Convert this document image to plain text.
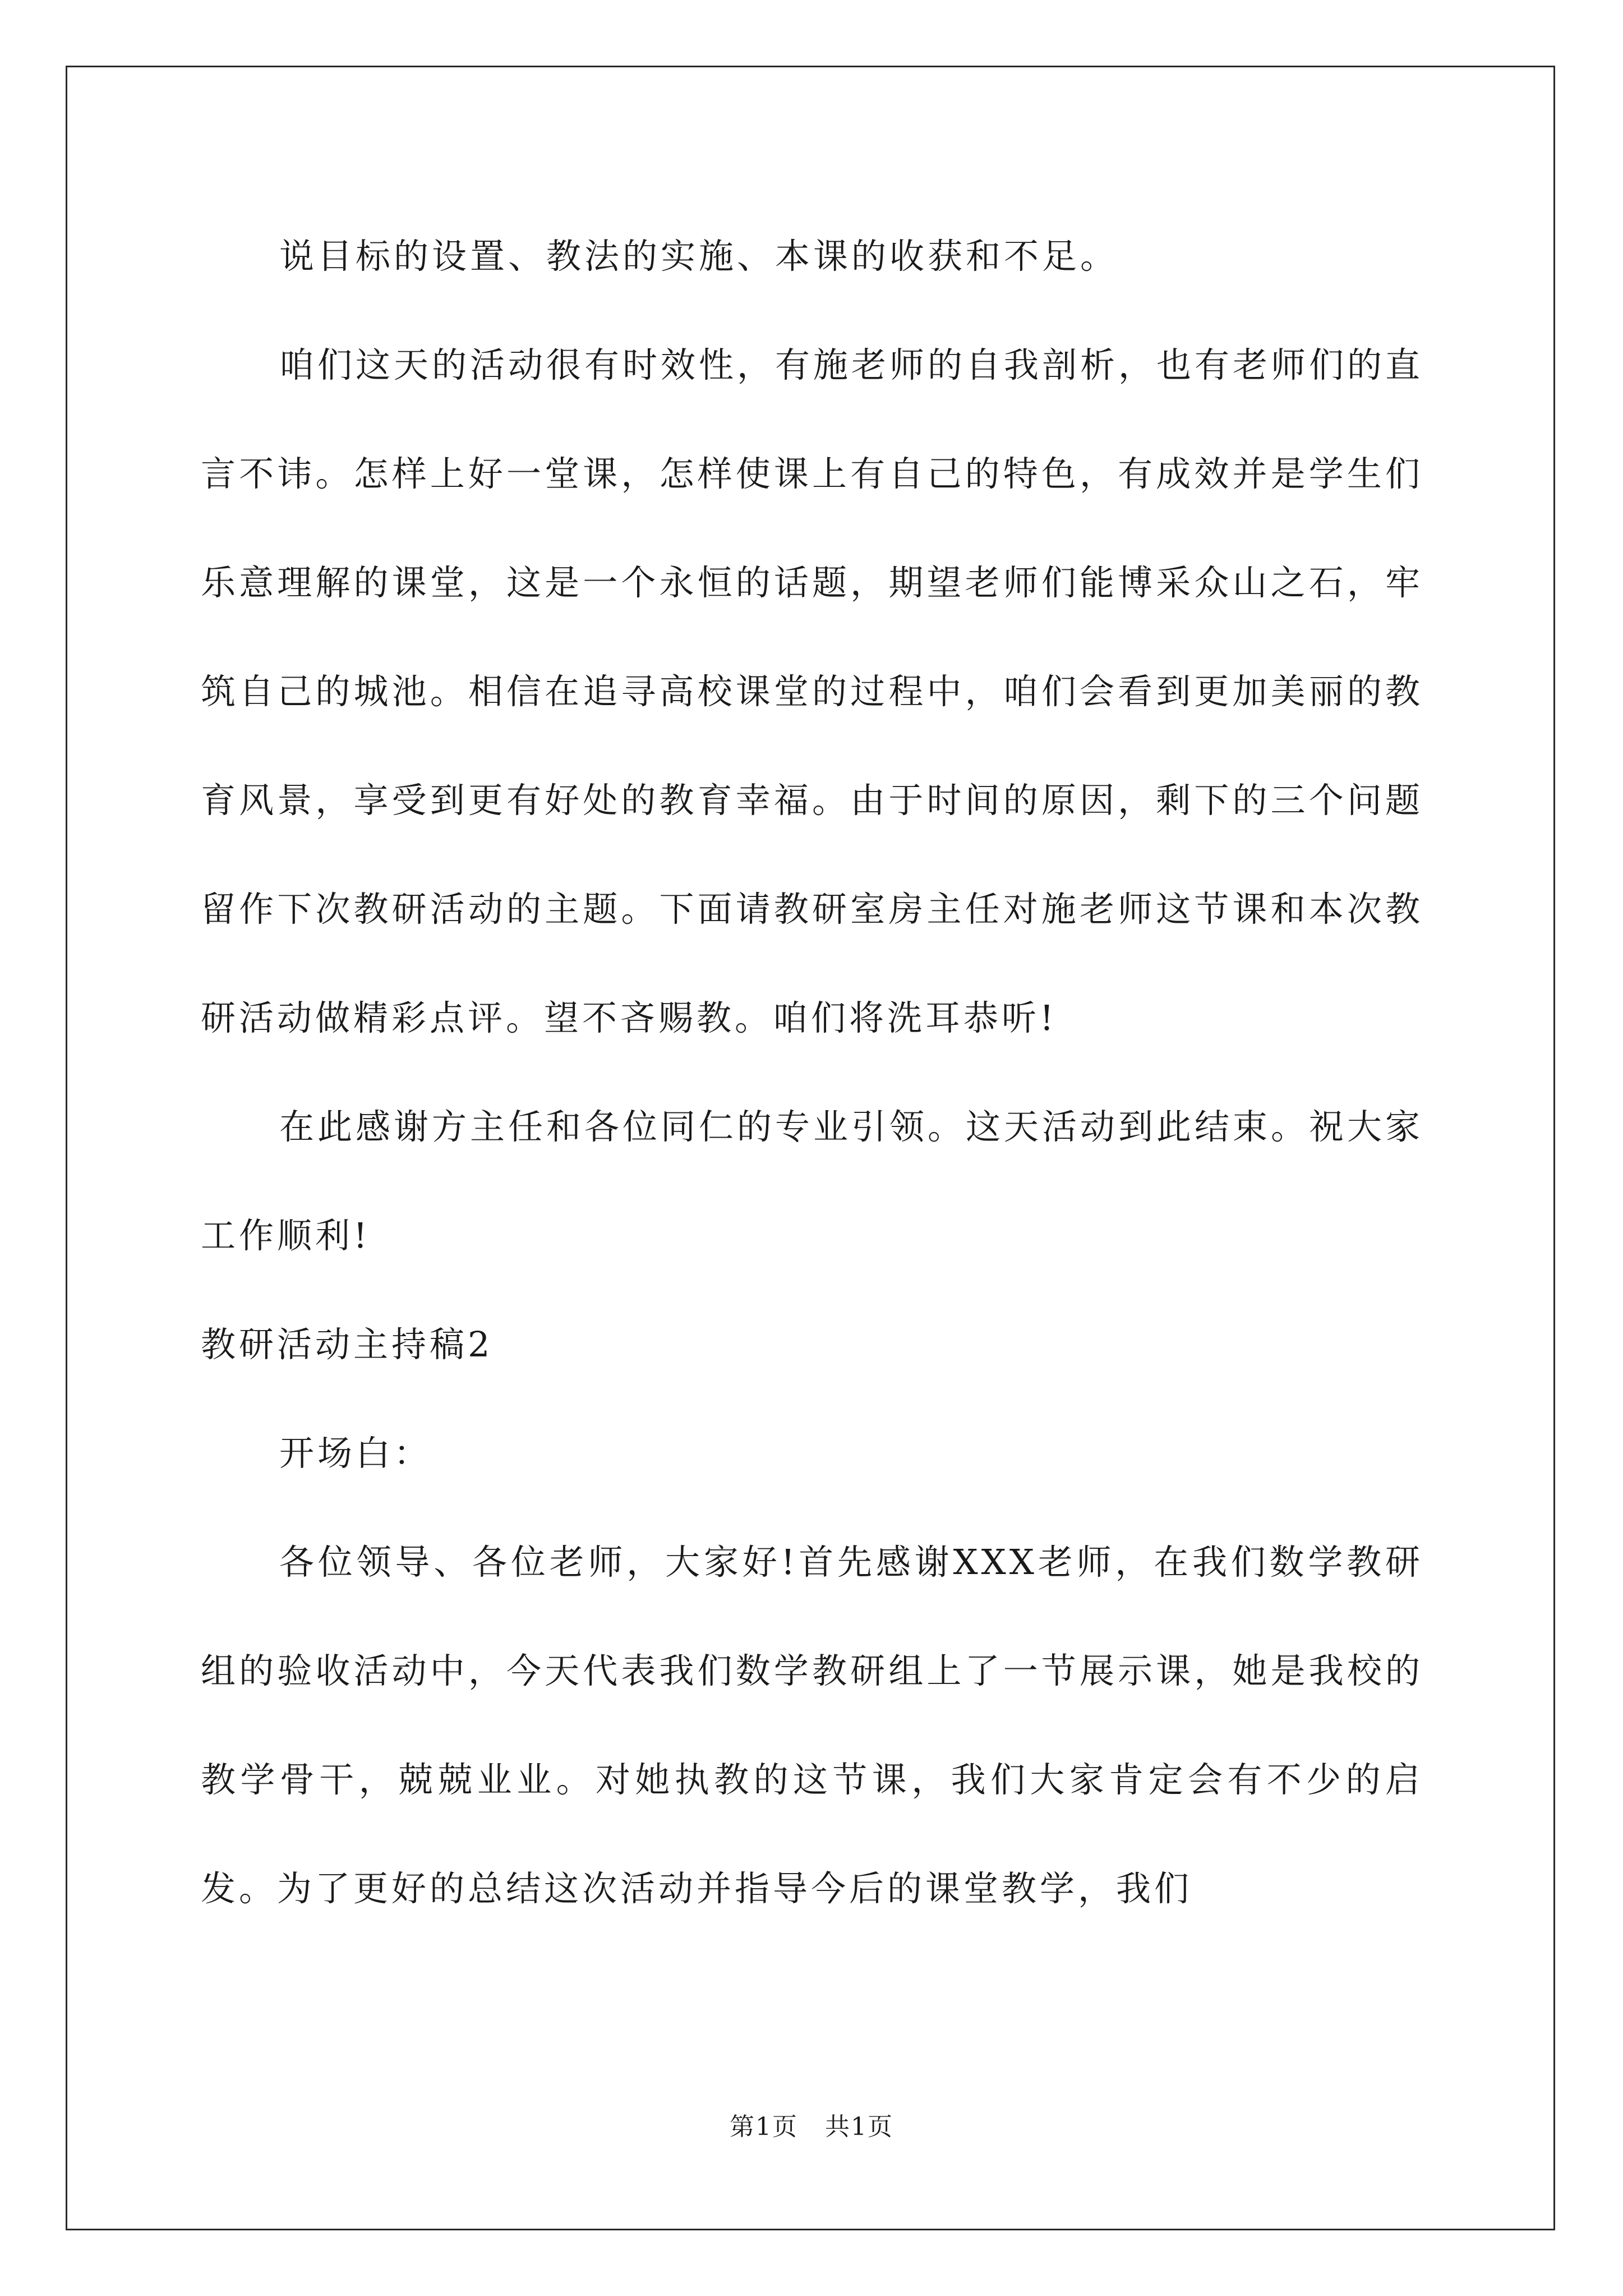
说目标的设置、教法的实施、本课的收获和不足。

咱们这天的活动很有时效性，有施老师的自我剖析，也有老师们的直言不讳。怎样上好一堂课，怎样使课上有自己的特色，有成效并是学生们乐意理解的课堂，这是一个永恒的话题，期望老师们能博采众山之石，牢筑自己的城池。相信在追寻高校课堂的过程中，咱们会看到更加美丽的教育风景，享受到更有好处的教育幸福。由于时间的原因，剩下的三个问题留作下次教研活动的主题。下面请教研室房主任对施老师这节课和本次教研活动做精彩点评。望不吝赐教。咱们将洗耳恭听!

在此感谢方主任和各位同仁的专业引领。这天活动到此结束。祝大家工作顺利!

教研活动主持稿2

开场白：

各位领导、各位老师，大家好!首先感谢XXX老师，在我们数学教研组的验收活动中，今天代表我们数学教研组上了一节展示课，她是我校的教学骨干，兢兢业业。对她执教的这节课，我们大家肯定会有不少的启发。为了更好的总结这次活动并指导今后的课堂教学，我们

第1页 共1页
